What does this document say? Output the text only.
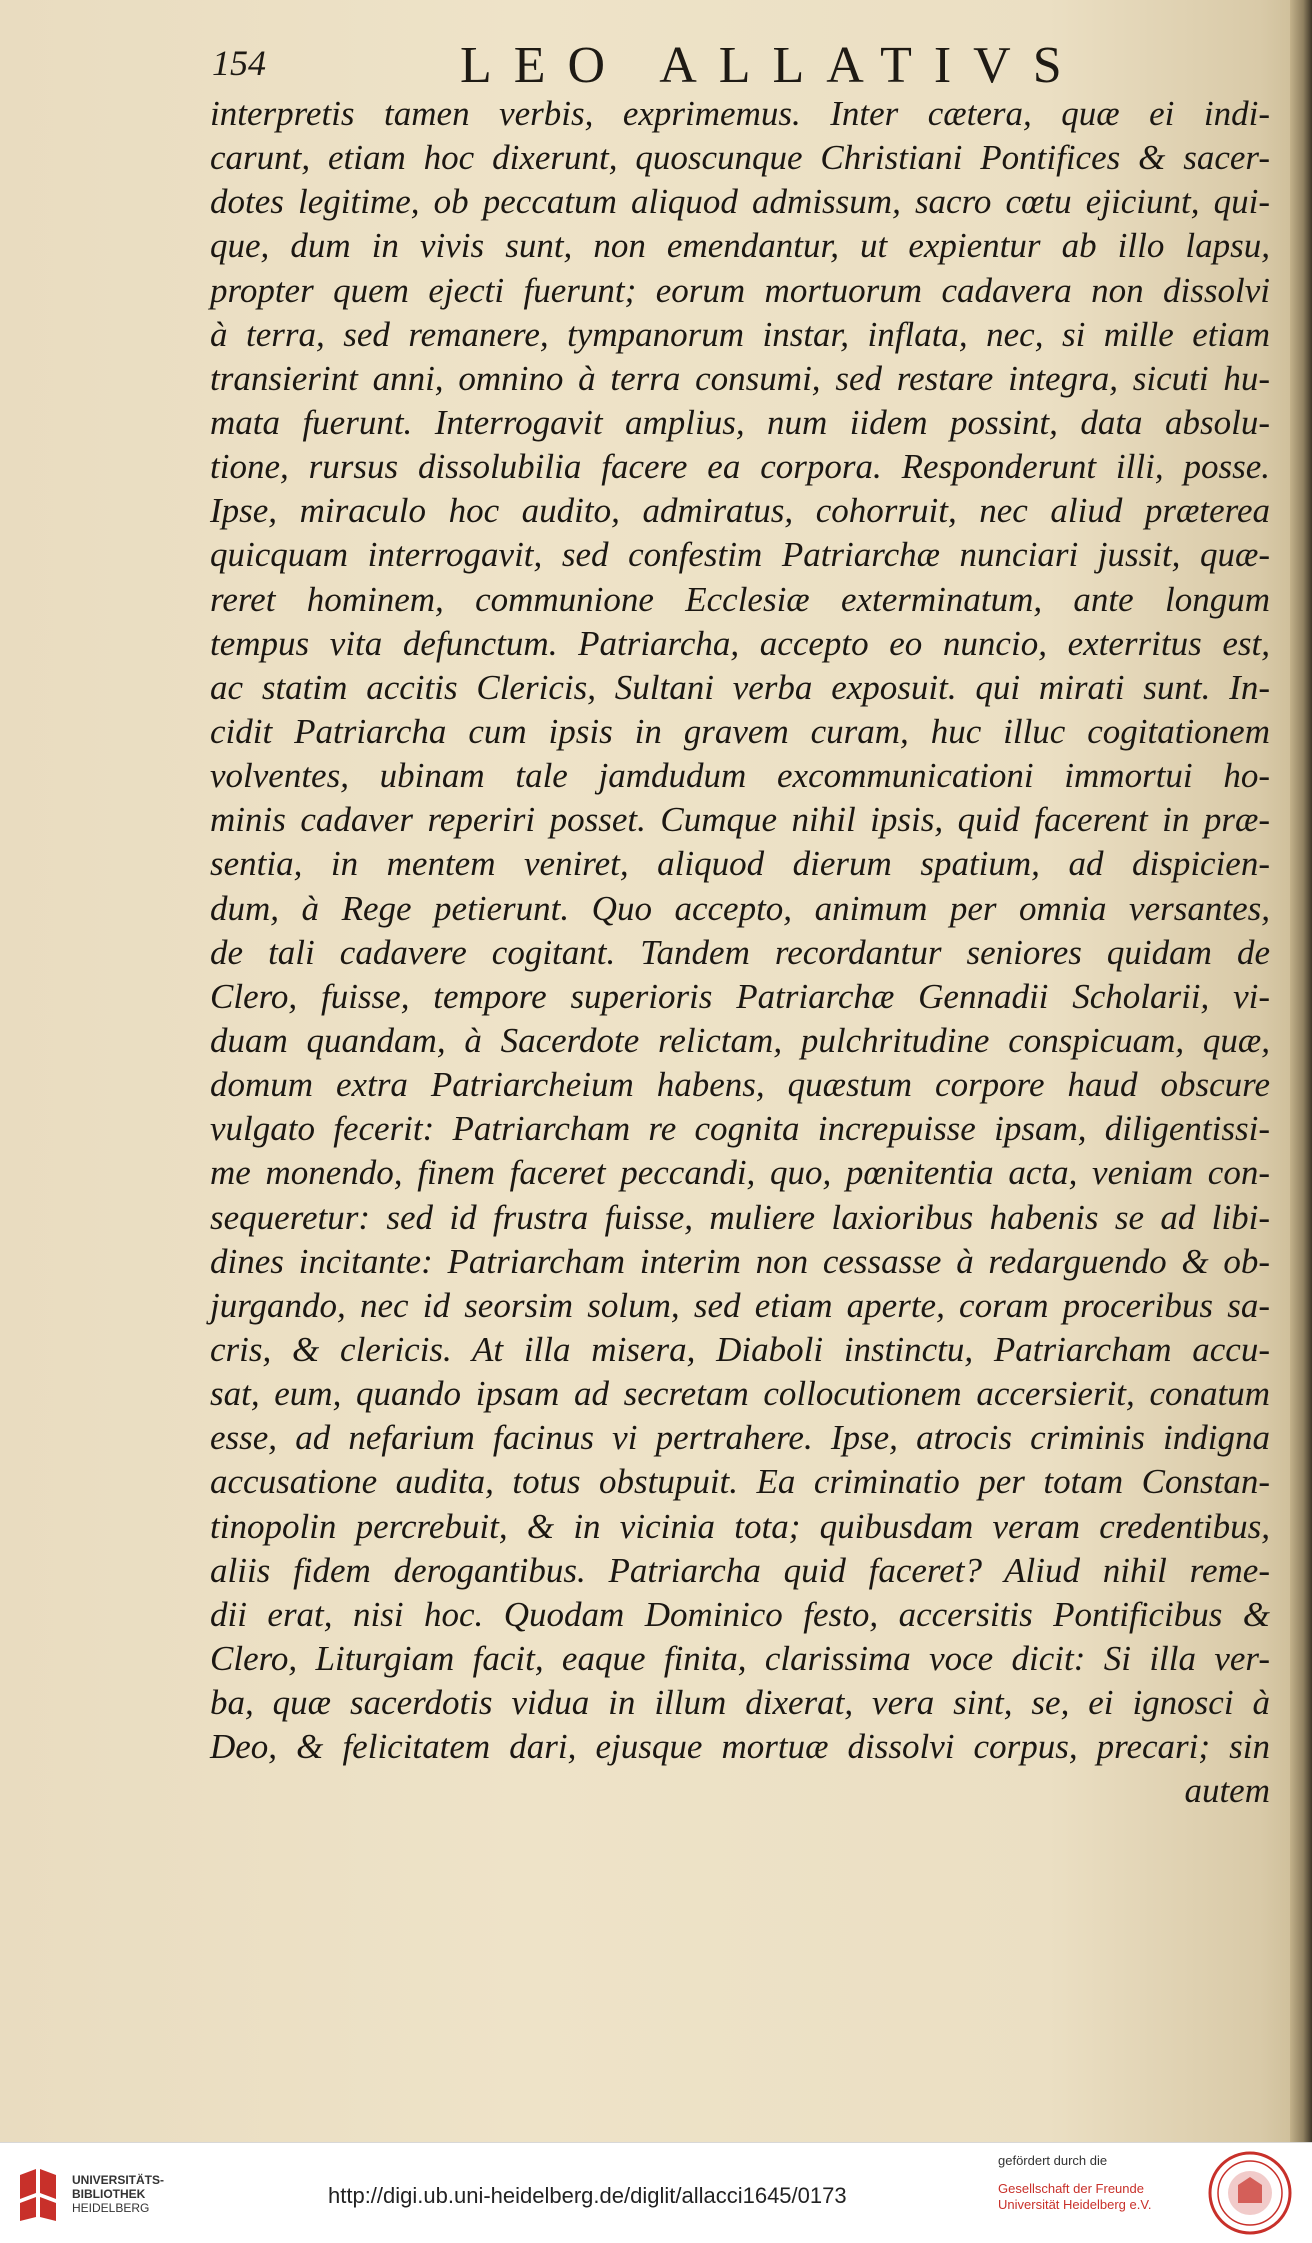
154	LEO ALLATIVS
interpretis tamen verbis, exprimemus. Inter cætera, quæ ei indi-
carunt, etiam hoc dixerunt, quoscunque Christiani Pontifices & sacer-
dotes legitime, ob peccatum aliquod admissum, sacro cœtu ejiciunt, qui-
que, dum in vivis sunt, non emendantur, ut expientur ab illo lapsu,
propter quem ejecti fuerunt; eorum mortuorum cadavera non dissolvi
à terra, sed remanere, tympanorum instar, inflata, nec, si mille etiam
transierint anni, omnino à terra consumi, sed restare integra, sicuti hu-
mata fuerunt. Interrogavit amplius, num iidem possint, data absolu-
tione, rursus dissolubilia facere ea corpora. Responderunt illi, posse.
Ipse, miraculo hoc audito, admiratus, cohorruit, nec aliud præterea
quicquam interrogavit, sed confestim Patriarchæ nunciari jussit, quæ-
reret hominem, communione Ecclesiæ exterminatum, ante longum
tempus vita defunctum. Patriarcha, accepto eo nuncio, exterritus est,
ac statim accitis Clericis, Sultani verba exposuit. qui mirati sunt. In-
cidit Patriarcha cum ipsis in gravem curam, huc illuc cogitationem
volventes, ubinam tale jamdudum excommunicationi immortui ho-
minis cadaver reperiri posset. Cumque nihil ipsis, quid facerent in præ-
sentia, in mentem veniret, aliquod dierum spatium, ad dispicien-
dum, à Rege petierunt. Quo accepto, animum per omnia versantes,
de tali cadavere cogitant. Tandem recordantur seniores quidam de
Clero, fuisse, tempore superioris Patriarchæ Gennadii Scholarii, vi-
duam quandam, à Sacerdote relictam, pulchritudine conspicuam, quæ,
domum extra Patriarcheium habens, quæstum corpore haud obscure
vulgato fecerit: Patriarcham re cognita increpuisse ipsam, diligentissi-
me monendo, finem faceret peccandi, quo, pœnitentia acta, veniam con-
sequeretur: sed id frustra fuisse, muliere laxioribus habenis se ad libi-
dines incitante: Patriarcham interim non cessasse à redarguendo & ob-
jurgando, nec id seorsim solum, sed etiam aperte, coram proceribus sa-
cris, & clericis. At illa misera, Diaboli instinctu, Patriarcham accu-
sat, eum, quando ipsam ad secretam collocutionem accersierit, conatum
esse, ad nefarium facinus vi pertrahere. Ipse, atrocis criminis indigna
accusatione audita, totus obstupuit. Ea criminatio per totam Constan-
tinopolin percrebuit, & in vicinia tota; quibusdam veram credentibus,
aliis fidem derogantibus. Patriarcha quid faceret? Aliud nihil reme-
dii erat, nisi hoc. Quodam Dominico festo, accersitis Pontificibus &
Clero, Liturgiam facit, eaque finita, clarissima voce dicit: Si illa ver-
ba, quæ sacerdotis vidua in illum dixerat, vera sint, se, ei ignosci à
Deo, & felicitatem dari, ejusque mortuæ dissolvi corpus, precari; sin
autem
UNIVERSITÄTS-
BIBLIOTHEK
HEIDELBERG	http://digi.ub.uni-heidelberg.de/diglit/allacci1645/0173
gefördert durch die
Gesellschaft der Freunde
Universität Heidelberg e.V.
